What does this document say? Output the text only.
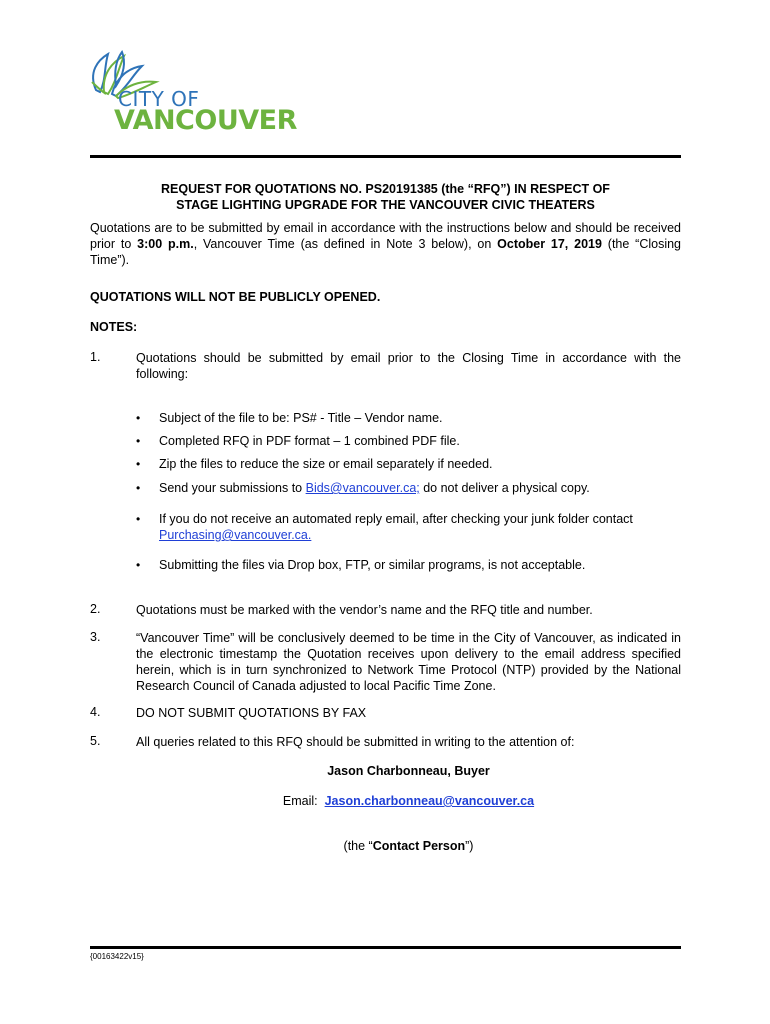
CITY OF
VANCOUVER
REQUEST FOR QUOTATIONS NO. PS20191385 (the “RFQ”) IN RESPECT OF
STAGE LIGHTING UPGRADE FOR THE VANCOUVER CIVIC THEATERS
Quotations are to be submitted by email in accordance with the instructions below and should be received prior to 3:00 p.m., Vancouver Time (as defined in Note 3 below), on October 17, 2019 (the “Closing Time”).
QUOTATIONS WILL NOT BE PUBLICLY OPENED.
NOTES:
1.	Quotations should be submitted by email prior to the Closing Time in accordance with the following:
• Subject of the file to be: PS# - Title – Vendor name.
• Completed RFQ in PDF format – 1 combined PDF file.
• Zip the files to reduce the size or email separately if needed.
• Send your submissions to Bids@vancouver.ca; do not deliver a physical copy.
• If you do not receive an automated reply email, after checking your junk folder contact
Purchasing@vancouver.ca.
• Submitting the files via Drop box, FTP, or similar programs, is not acceptable.
2.	Quotations must be marked with the vendor’s name and the RFQ title and number.
3.	“Vancouver Time” will be conclusively deemed to be time in the City of Vancouver, as indicated in the electronic timestamp the Quotation receives upon delivery to the email address specified herein, which is in turn synchronized to Network Time Protocol (NTP) provided by the National Research Council of Canada adjusted to local Pacific Time Zone.
4.	DO NOT SUBMIT QUOTATIONS BY FAX
5.	All queries related to this RFQ should be submitted in writing to the attention of:
Jason Charbonneau, Buyer
Email: Jason.charbonneau@vancouver.ca
(the “Contact Person”)
{00163422v15}
